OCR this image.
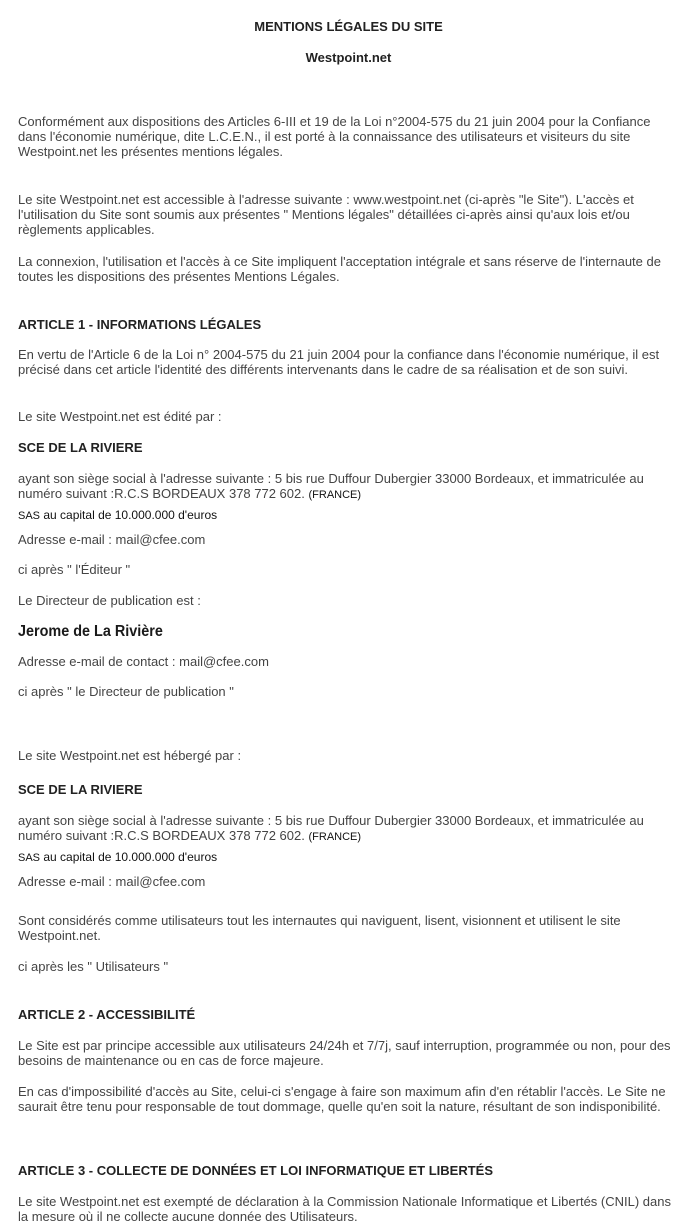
MENTIONS LÉGALES DU SITE

Westpoint.net

Conformément aux dispositions des Articles 6-III et 19 de la Loi n°2004-575 du 21 juin 2004 pour la Confiance dans l'économie numérique, dite L.C.E.N., il est porté à la connaissance des utilisateurs et visiteurs du site Westpoint.net les présentes mentions légales.

Le site Westpoint.net est accessible à l'adresse suivante : www.westpoint.net (ci-après "le Site"). L'accès et l'utilisation du Site sont soumis aux présentes " Mentions légales" détaillées ci-après ainsi qu'aux lois et/ou règlements applicables.

La connexion, l'utilisation et l'accès à ce Site impliquent l'acceptation intégrale et sans réserve de l'internaute de toutes les dispositions des présentes Mentions Légales.

ARTICLE 1 - INFORMATIONS LÉGALES

En vertu de l'Article 6 de la Loi n° 2004-575 du 21 juin 2004 pour la confiance dans l'économie numérique, il est précisé dans cet article l'identité des différents intervenants dans le cadre de sa réalisation et de son suivi.

Le site Westpoint.net est édité par :

SCE DE LA RIVIERE

ayant son siège social à l'adresse suivante : 5 bis rue Duffour Dubergier 33000 Bordeaux, et immatriculée au numéro suivant :R.C.S BORDEAUX 378 772 602. (FRANCE)

SAS au capital de 10.000.000 d'euros

Adresse e-mail : mail@cfee.com

ci après " l'Éditeur "

Le Directeur de publication est :

Jerome de La Rivière

Adresse e-mail de contact : mail@cfee.com

ci après " le Directeur de publication "

Le site Westpoint.net est hébergé par :

SCE DE LA RIVIERE

ayant son siège social à l'adresse suivante : 5 bis rue Duffour Dubergier 33000 Bordeaux, et immatriculée au numéro suivant :R.C.S BORDEAUX 378 772 602. (FRANCE)

SAS au capital de 10.000.000 d'euros

Adresse e-mail : mail@cfee.com

Sont considérés comme utilisateurs tout les internautes qui naviguent, lisent, visionnent et utilisent le site Westpoint.net.

ci après les " Utilisateurs "

ARTICLE 2 - ACCESSIBILITÉ

Le Site est par principe accessible aux utilisateurs 24/24h et 7/7j, sauf interruption, programmée ou non, pour des besoins de maintenance ou en cas de force majeure.

En cas d'impossibilité d'accès au Site, celui-ci s'engage à faire son maximum afin d'en rétablir l'accès. Le Site ne saurait être tenu pour responsable de tout dommage, quelle qu'en soit la nature, résultant de son indisponibilité.

ARTICLE 3 - COLLECTE DE DONNÉES ET LOI INFORMATIQUE ET LIBERTÉS

Le site Westpoint.net est exempté de déclaration à la Commission Nationale Informatique et Libertés (CNIL) dans la mesure où il ne collecte aucune donnée des Utilisateurs.
